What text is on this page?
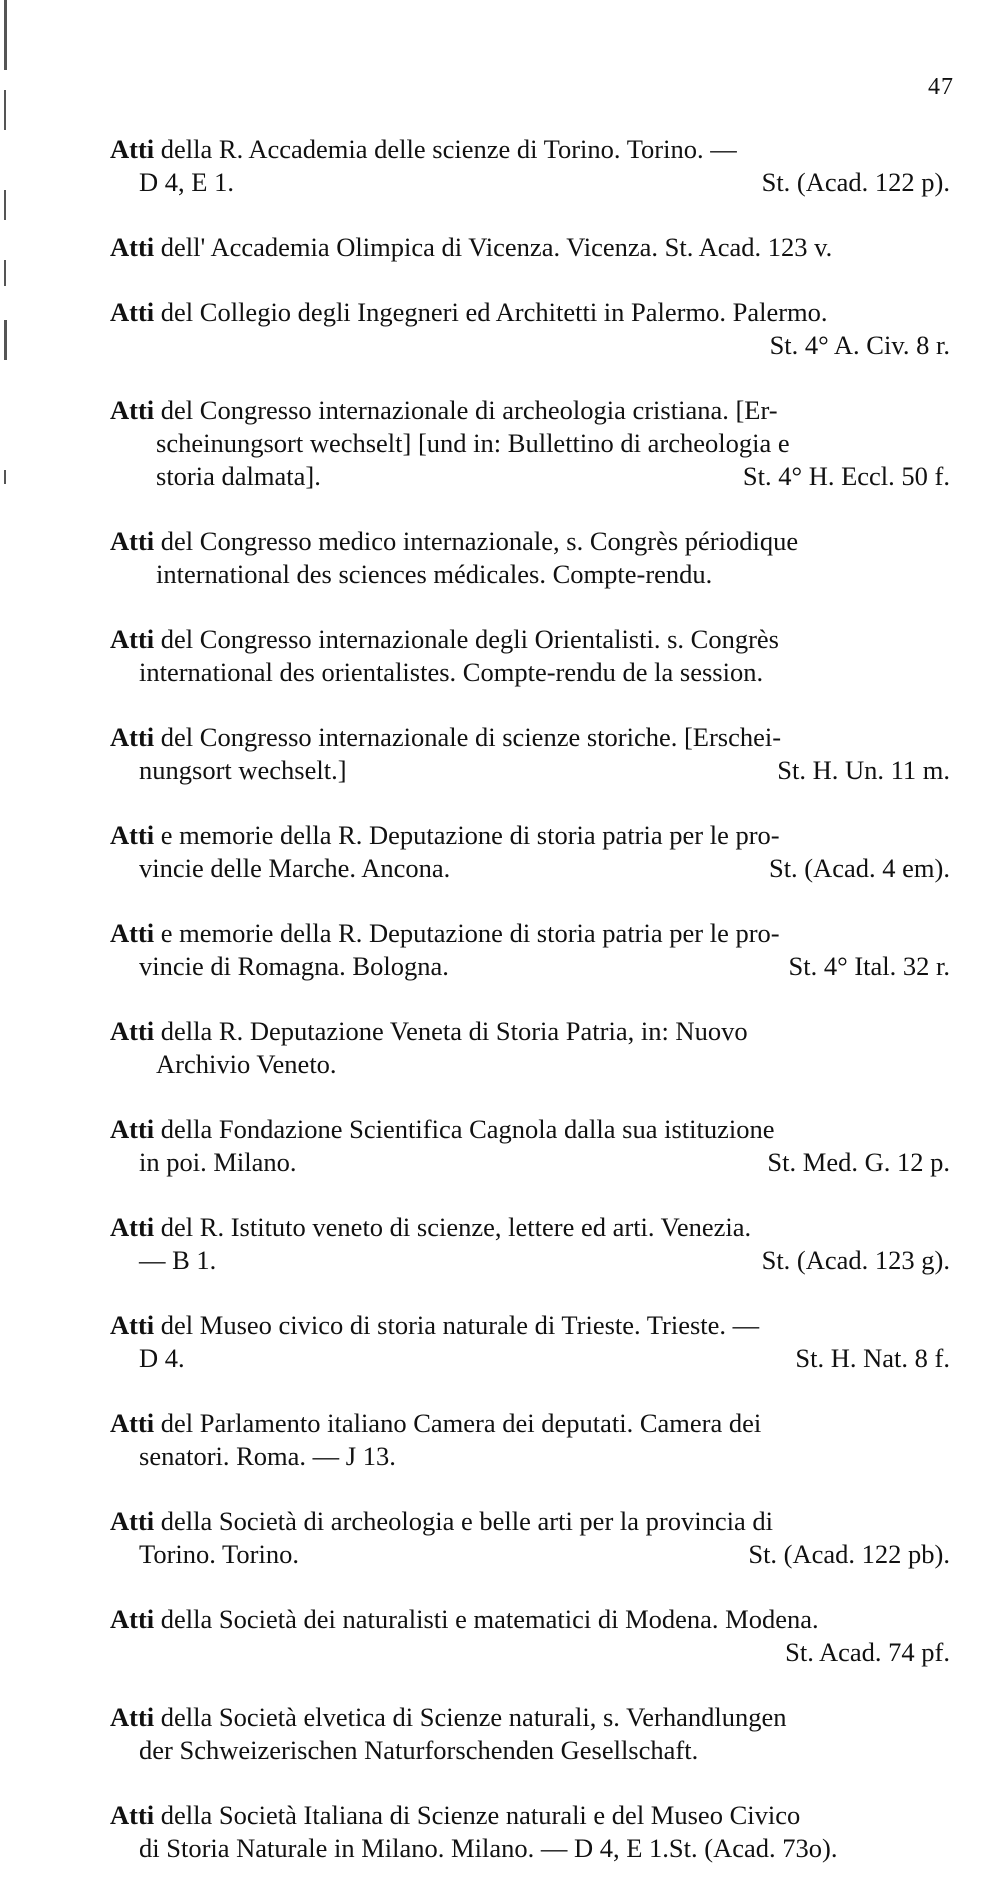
47
Atti della R. Accademia delle scienze di Torino. Torino. —
D 4, E 1.	St. (Acad. 122 p).
Atti dell' Accademia Olimpica di Vicenza. Vicenza. St. Acad. 123 v.
Atti del Collegio degli Ingegneri ed Architetti in Palermo. Palermo.
St. 4° A. Civ. 8 r.
Atti del Congresso internazionale di archeologia cristiana. [Er-
scheinungsort wechselt] [und in: Bullettino di archeologia e
storia dalmata].	St. 4° H. Eccl. 50 f.
Atti del Congresso medico internazionale, s. Congrès périodique
international des sciences médicales. Compte-rendu.
Atti del Congresso internazionale degli Orientalisti. s. Congrès
international des orientalistes. Compte-rendu de la session.
Atti del Congresso internazionale di scienze storiche. [Erschei-
nungsort wechselt.]	St. H. Un. 11 m.
Atti e memorie della R. Deputazione di storia patria per le pro-
vincie delle Marche. Ancona.	St. (Acad. 4 em).
Atti e memorie della R. Deputazione di storia patria per le pro-
vincie di Romagna. Bologna.	St. 4° Ital. 32 r.
Atti della R. Deputazione Veneta di Storia Patria, in: Nuovo
Archivio Veneto.
Atti della Fondazione Scientifica Cagnola dalla sua istituzione
in poi. Milano.	St. Med. G. 12 p.
Atti del R. Istituto veneto di scienze, lettere ed arti. Venezia.
— B 1.	St. (Acad. 123 g).
Atti del Museo civico di storia naturale di Trieste. Trieste. —
D 4.	St. H. Nat. 8 f.
Atti del Parlamento italiano Camera dei deputati. Camera dei
senatori. Roma. — J 13.
Atti della Società di archeologia e belle arti per la provincia di
Torino. Torino.	St. (Acad. 122 pb).
Atti della Società dei naturalisti e matematici di Modena. Modena.
St. Acad. 74 pf.
Atti della Società elvetica di Scienze naturali, s. Verhandlungen
der Schweizerischen Naturforschenden Gesellschaft.
Atti della Società Italiana di Scienze naturali e del Museo Civico
di Storia Naturale in Milano. Milano. — D 4, E 1.St. (Acad. 73o).
